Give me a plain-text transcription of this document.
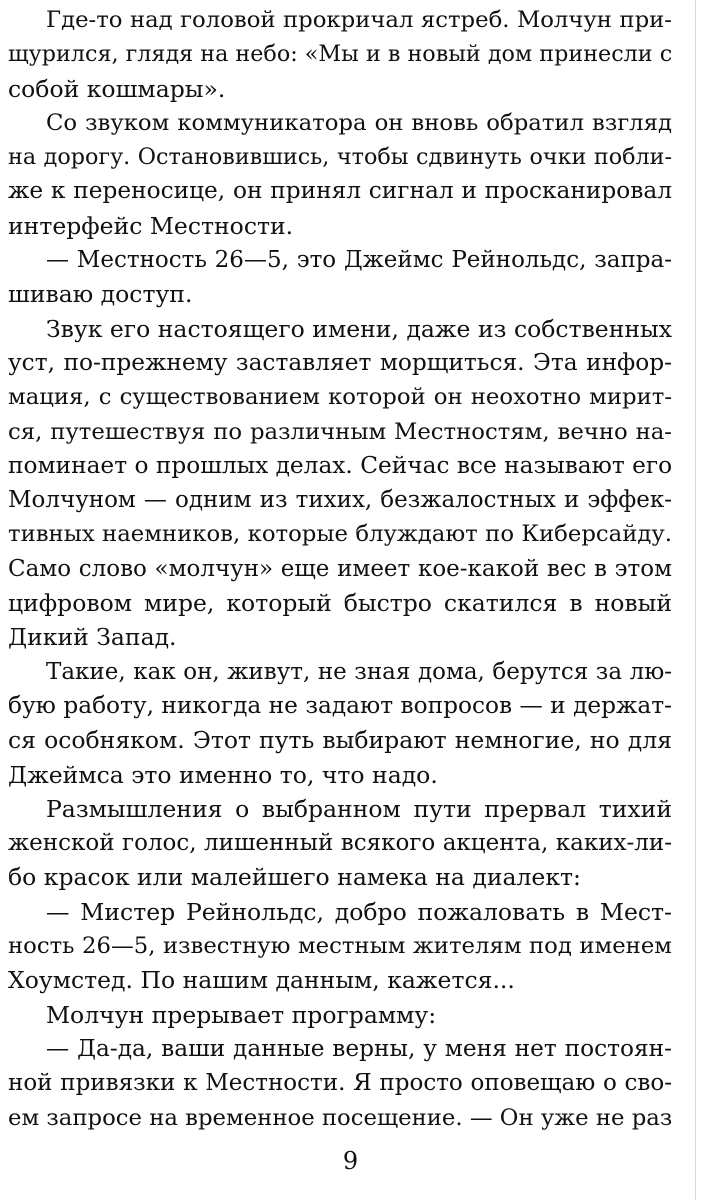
Где-то над головой прокричал ястреб. Молчун при-
щурился, глядя на небо: «Мы и в новый дом принесли с
собой кошмары».
Со звуком коммуникатора он вновь обратил взгляд
на дорогу. Остановившись, чтобы сдвинуть очки побли-
же к переносице, он принял сигнал и просканировал
интерфейс Местности.
— Местность 26—5, это Джеймс Рейнольдс, запра-
шиваю доступ.
Звук его настоящего имени, даже из собственных
уст, по-прежнему заставляет морщиться. Эта инфор-
мация, с существованием которой он неохотно мирит-
ся, путешествуя по различным Местностям, вечно на-
поминает о прошлых делах. Сейчас все называют его
Молчуном — одним из тихих, безжалостных и эффек-
тивных наемников, которые блуждают по Киберсайду.
Само слово «молчун» еще имеет кое-какой вес в этом
цифровом мире, который быстро скатился в новый
Дикий Запад.
Такие, как он, живут, не зная дома, берутся за лю-
бую работу, никогда не задают вопросов — и держат-
ся особняком. Этот путь выбирают немногие, но для
Джеймса это именно то, что надо.
Размышления о выбранном пути прервал тихий
женской голос, лишенный всякого акцента, каких-ли-
бо красок или малейшего намека на диалект:
— Мистер Рейнольдс, добро пожаловать в Мест-
ность 26—5, известную местным жителям под именем
Хоумстед. По нашим данным, кажется...
Молчун прерывает программу:
— Да-да, ваши данные верны, у меня нет постоян-
ной привязки к Местности. Я просто оповещаю о сво-
ем запросе на временное посещение. — Он уже не раз
9
